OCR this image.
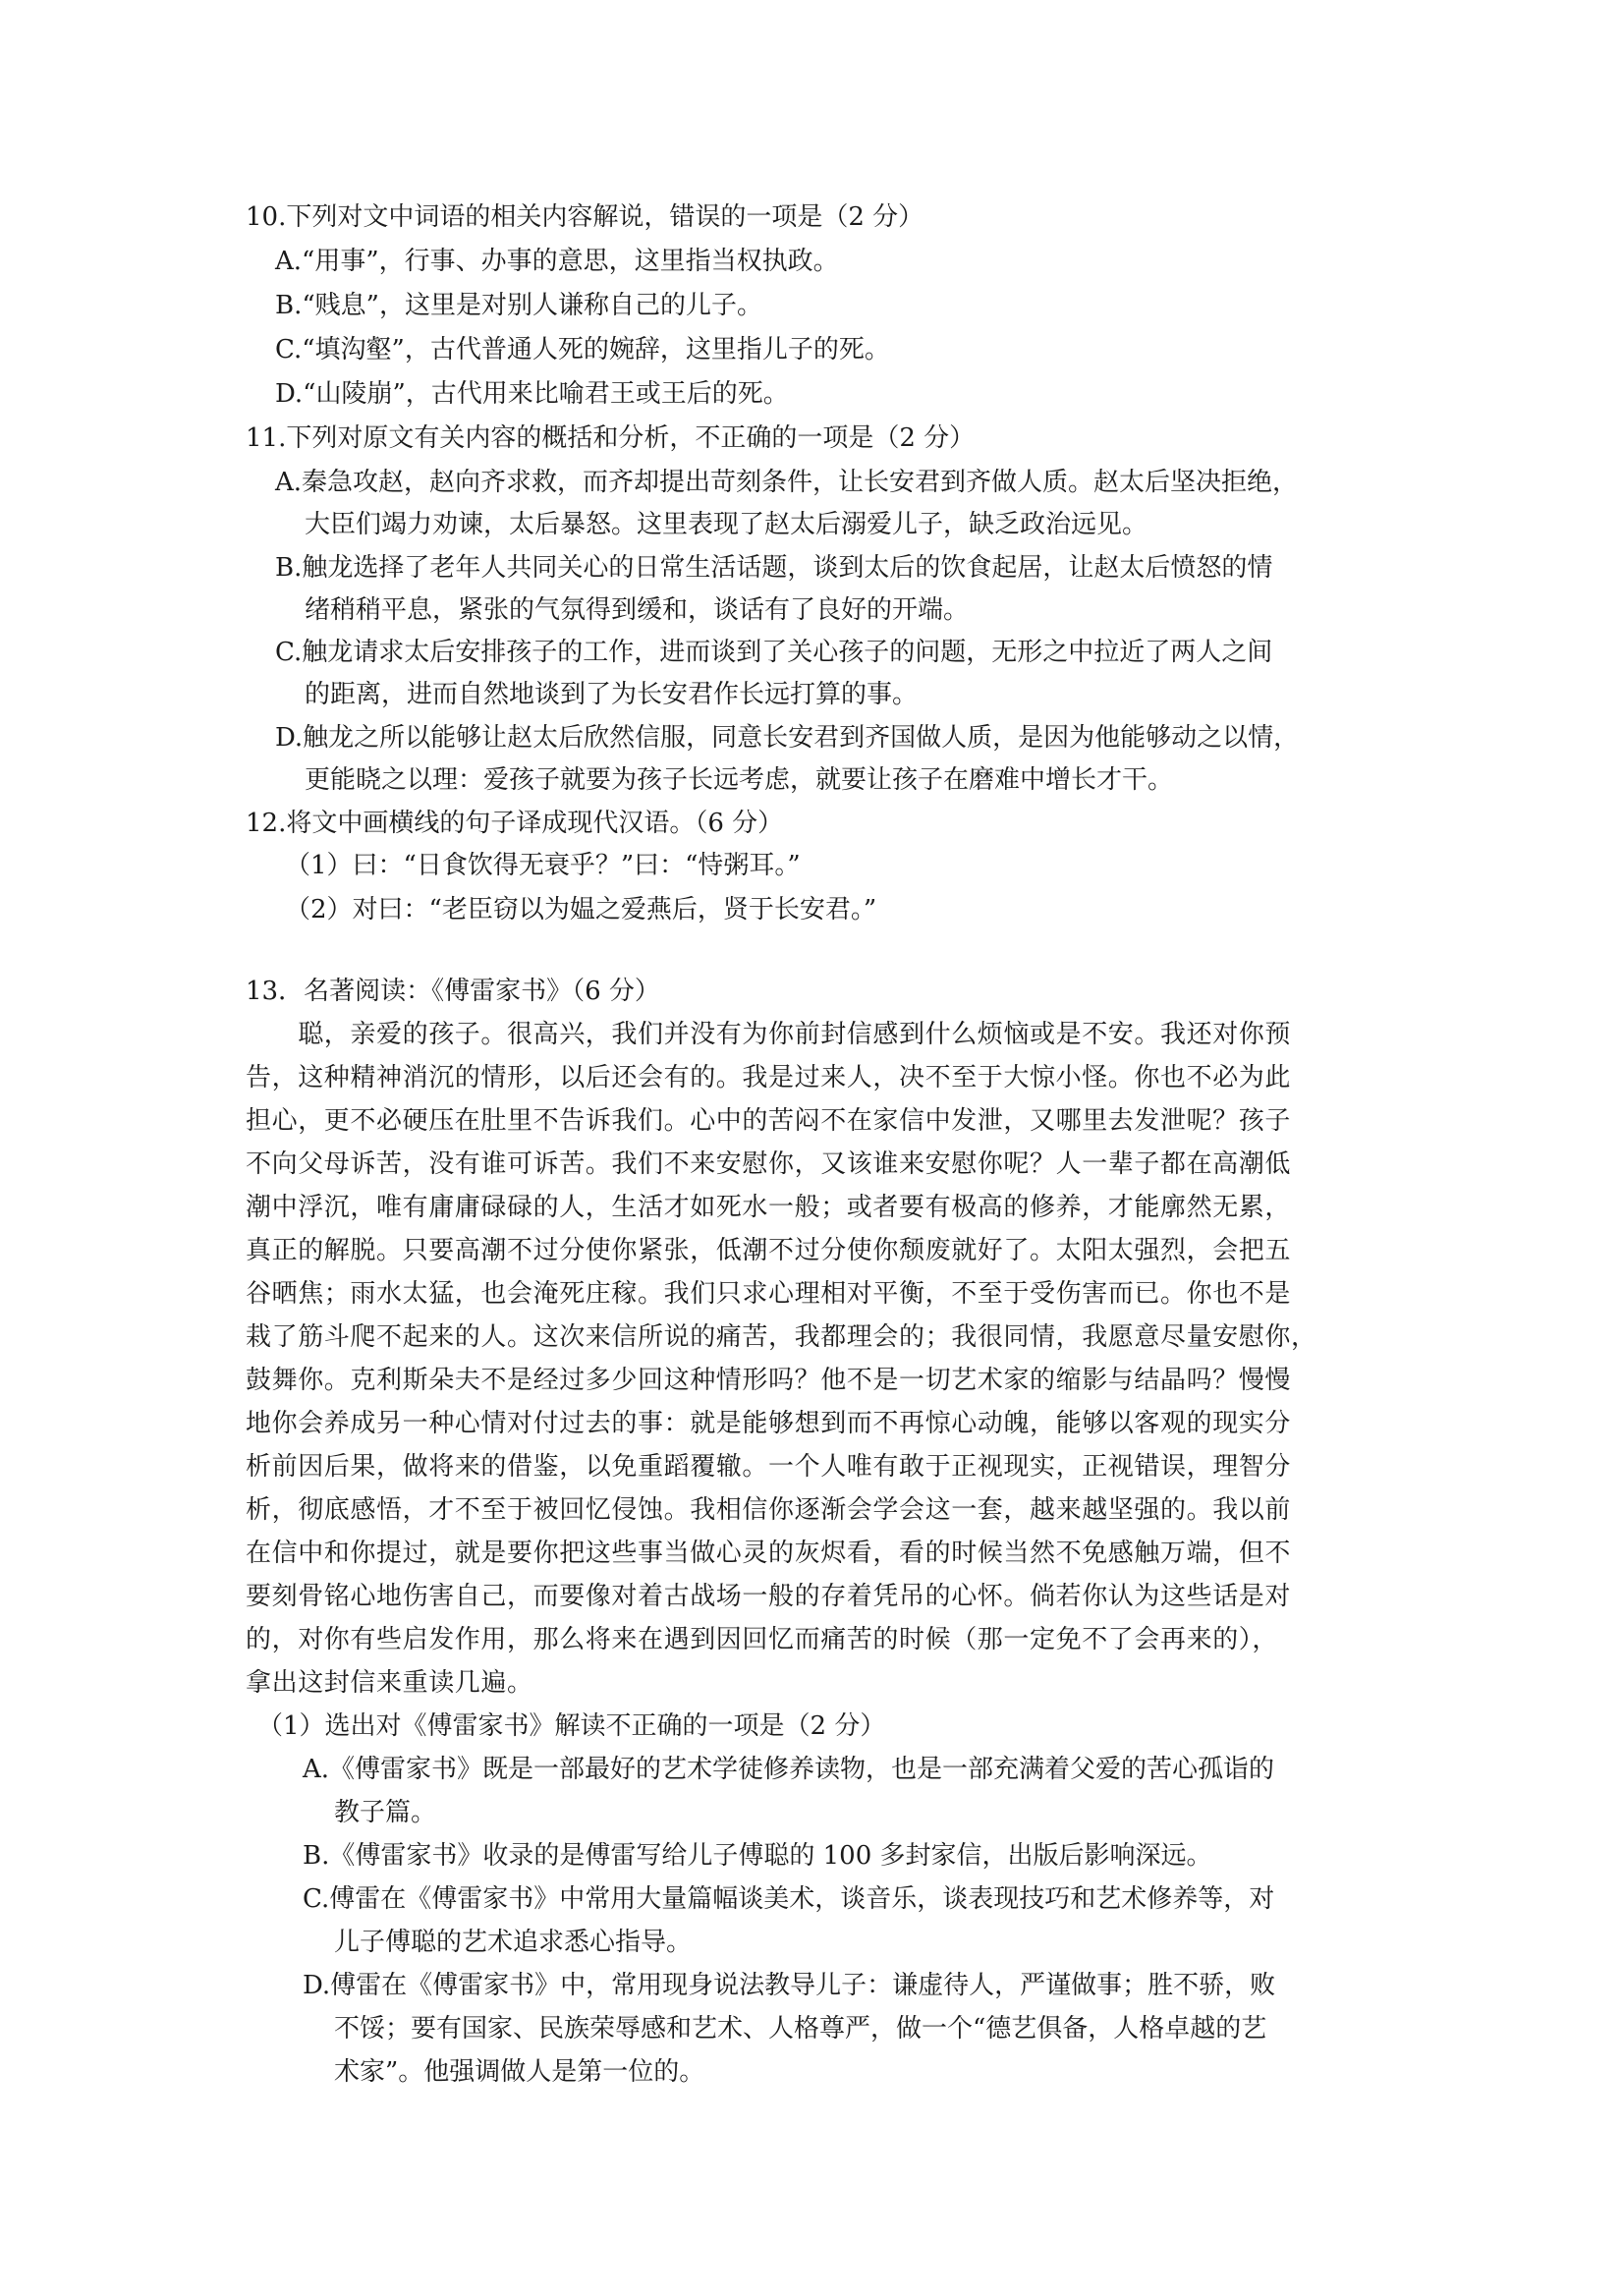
10.下列对文中词语的相关内容解说，错误的一项是（2 分）
A.“用事”，行事、办事的意思，这里指当权执政。
B.“贱息”，这里是对别人谦称自己的儿子。
C.“填沟壑”，古代普通人死的婉辞，这里指儿子的死。
D.“山陵崩”，古代用来比喻君王或王后的死。
11.下列对原文有关内容的概括和分析，不正确的一项是（2 分）
A.秦急攻赵，赵向齐求救，而齐却提出苛刻条件，让长安君到齐做人质。赵太后坚决拒绝，
大臣们竭力劝谏，太后暴怒。这里表现了赵太后溺爱儿子，缺乏政治远见。
B.触龙选择了老年人共同关心的日常生活话题，谈到太后的饮食起居，让赵太后愤怒的情
绪稍稍平息，紧张的气氛得到缓和，谈话有了良好的开端。
C.触龙请求太后安排孩子的工作，进而谈到了关心孩子的问题，无形之中拉近了两人之间
的距离，进而自然地谈到了为长安君作长远打算的事。
D.触龙之所以能够让赵太后欣然信服，同意长安君到齐国做人质，是因为他能够动之以情，
更能晓之以理：爱孩子就要为孩子长远考虑，就要让孩子在磨难中增长才干。
12.将文中画横线的句子译成现代汉语。（6 分）
（1）曰：“日食饮得无衰乎？”曰：“恃粥耳。”
（2）对曰：“老臣窃以为媪之爱燕后，贤于长安君。”
13．名著阅读：《傅雷家书》（6 分）
　　聪，亲爱的孩子。很高兴，我们并没有为你前封信感到什么烦恼或是不安。我还对你预
告，这种精神消沉的情形，以后还会有的。我是过来人，决不至于大惊小怪。你也不必为此
担心，更不必硬压在肚里不告诉我们。心中的苦闷不在家信中发泄，又哪里去发泄呢？孩子
不向父母诉苦，没有谁可诉苦。我们不来安慰你，又该谁来安慰你呢？人一辈子都在高潮低
潮中浮沉，唯有庸庸碌碌的人，生活才如死水一般；或者要有极高的修养，才能廓然无累，
真正的解脱。只要高潮不过分使你紧张，低潮不过分使你颓废就好了。太阳太强烈，会把五
谷晒焦；雨水太猛，也会淹死庄稼。我们只求心理相对平衡，不至于受伤害而已。你也不是
栽了筋斗爬不起来的人。这次来信所说的痛苦，我都理会的；我很同情，我愿意尽量安慰你，
鼓舞你。克利斯朵夫不是经过多少回这种情形吗？他不是一切艺术家的缩影与结晶吗？慢慢
地你会养成另一种心情对付过去的事：就是能够想到而不再惊心动魄，能够以客观的现实分
析前因后果，做将来的借鉴，以免重蹈覆辙。一个人唯有敢于正视现实，正视错误，理智分
析，彻底感悟，才不至于被回忆侵蚀。我相信你逐渐会学会这一套，越来越坚强的。我以前
在信中和你提过，就是要你把这些事当做心灵的灰烬看，看的时候当然不免感触万端，但不
要刻骨铭心地伤害自己，而要像对着古战场一般的存着凭吊的心怀。倘若你认为这些话是对
的，对你有些启发作用，那么将来在遇到因回忆而痛苦的时候（那一定免不了会再来的），
拿出这封信来重读几遍。
（1）选出对《傅雷家书》解读不正确的一项是（2 分）
A.《傅雷家书》既是一部最好的艺术学徒修养读物，也是一部充满着父爱的苦心孤诣的
教子篇。
B.《傅雷家书》收录的是傅雷写给儿子傅聪的 100 多封家信，出版后影响深远。
C.傅雷在《傅雷家书》中常用大量篇幅谈美术，谈音乐，谈表现技巧和艺术修养等，对
儿子傅聪的艺术追求悉心指导。
D.傅雷在《傅雷家书》中，常用现身说法教导儿子：谦虚待人，严谨做事；胜不骄，败
不馁；要有国家、民族荣辱感和艺术、人格尊严，做一个“德艺俱备，人格卓越的艺
术家”。他强调做人是第一位的。
